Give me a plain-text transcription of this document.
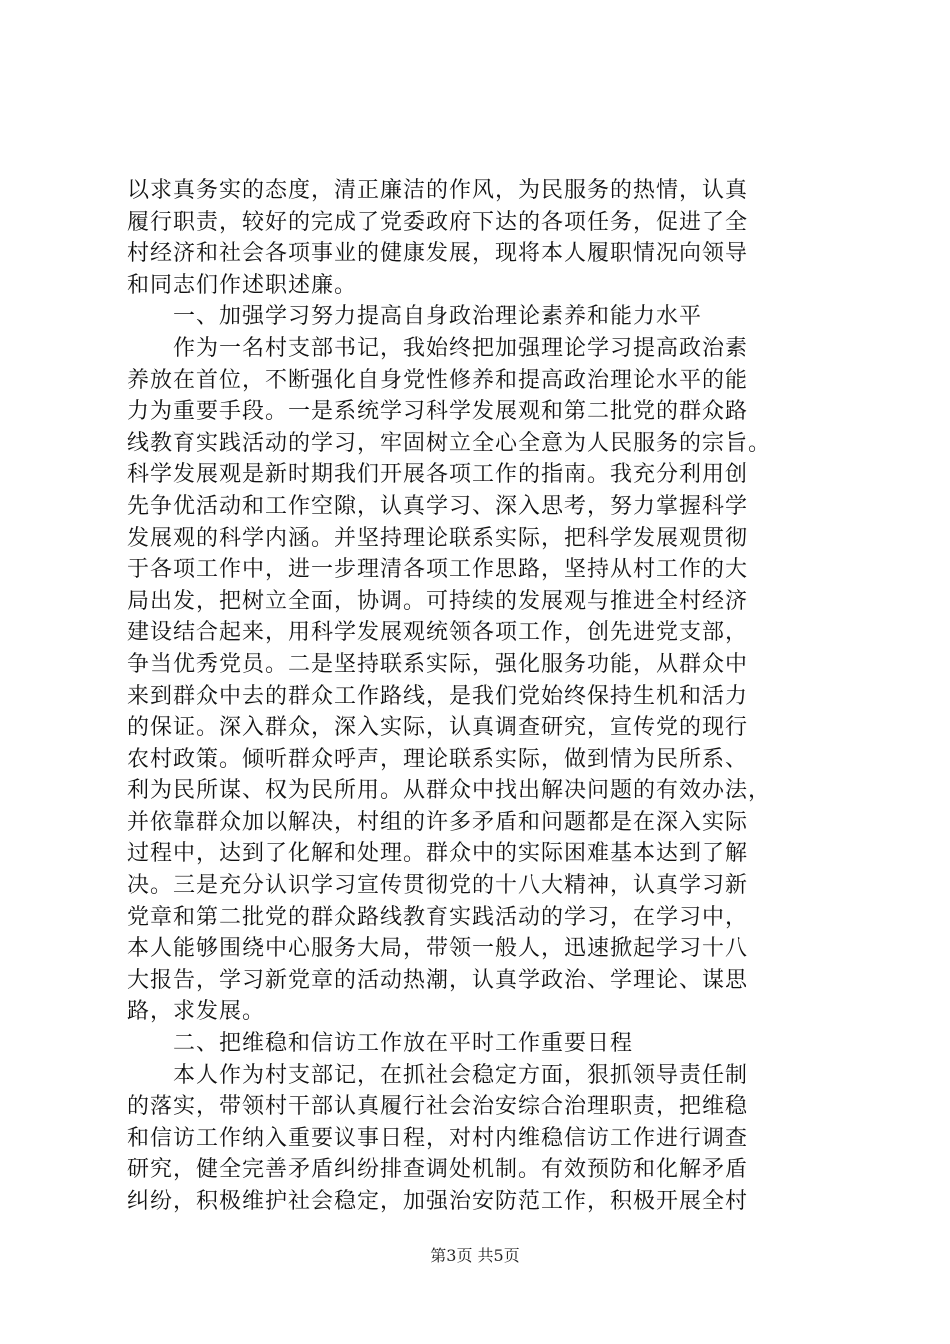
以求真务实的态度，清正廉洁的作风，为民服务的热情，认真
履行职责，较好的完成了党委政府下达的各项任务，促进了全
村经济和社会各项事业的健康发展，现将本人履职情况向领导
和同志们作述职述廉。
　　一、加强学习努力提高自身政治理论素养和能力水平
　　作为一名村支部书记，我始终把加强理论学习提高政治素
养放在首位，不断强化自身党性修养和提高政治理论水平的能
力为重要手段。一是系统学习科学发展观和第二批党的群众路
线教育实践活动的学习，牢固树立全心全意为人民服务的宗旨。
科学发展观是新时期我们开展各项工作的指南。我充分利用创
先争优活动和工作空隙，认真学习、深入思考，努力掌握科学
发展观的科学内涵。并坚持理论联系实际，把科学发展观贯彻
于各项工作中，进一步理清各项工作思路，坚持从村工作的大
局出发，把树立全面，协调。可持续的发展观与推进全村经济
建设结合起来，用科学发展观统领各项工作，创先进党支部，
争当优秀党员。二是坚持联系实际，强化服务功能，从群众中
来到群众中去的群众工作路线，是我们党始终保持生机和活力
的保证。深入群众，深入实际，认真调查研究，宣传党的现行
农村政策。倾听群众呼声，理论联系实际，做到情为民所系、
利为民所谋、权为民所用。从群众中找出解决问题的有效办法，
并依靠群众加以解决，村组的许多矛盾和问题都是在深入实际
过程中，达到了化解和处理。群众中的实际困难基本达到了解
决。三是充分认识学习宣传贯彻党的十八大精神，认真学习新
党章和第二批党的群众路线教育实践活动的学习，在学习中，
本人能够围绕中心服务大局，带领一般人，迅速掀起学习十八
大报告，学习新党章的活动热潮，认真学政治、学理论、谋思
路，求发展。
　　二、把维稳和信访工作放在平时工作重要日程
　　本人作为村支部记，在抓社会稳定方面，狠抓领导责任制
的落实，带领村干部认真履行社会治安综合治理职责，把维稳
和信访工作纳入重要议事日程，对村内维稳信访工作进行调查
研究，健全完善矛盾纠纷排查调处机制。有效预防和化解矛盾
纠纷，积极维护社会稳定，加强治安防范工作，积极开展全村
第3页 共5页
